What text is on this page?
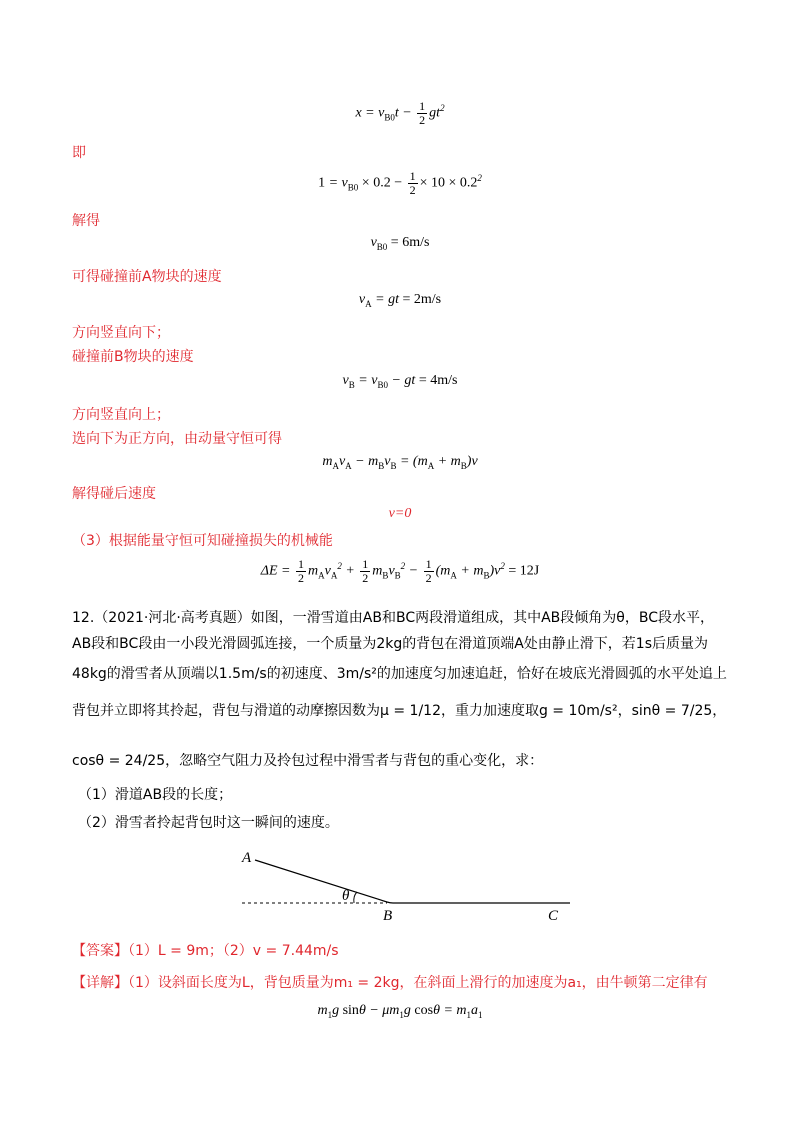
$x = v_{B0}t - \frac{1}{2} gt^2$
即
$1 = v_{B0} \times 0.2 - \frac{1}{2} \times 10 \times 0.2^2$
解得
$v_{B0} = 6m/s$
可得碰撞前A物块的速度
$v_A$ = gt = 2m/s
方向竖直向下；
碰撞前B物块的速度
$v_B = v_{B0}$ − gt = 4m/s
方向竖直向上；
选向下为正方向，由动量守恒可得
$m_Av_A - m_Bv_B = (m_A + m_B)v$
解得碰后速度
v=0
（3）根据能量守恒可知碰撞损失的机械能
$\Delta E = \frac{1}{2} m_Av_A^2 + \frac{1}{2} m_Bv_B^2 - \frac{1}{2} (m_A + m_B)v^2 = 12J$
12.（2021·河北·高考真题）如图，一滑雪道由AB和BC两段滑道组成，其中AB段倾角为θ，BC段水平，
AB段和BC段由一小段光滑圆弧连接，一个质量为2kg的背包在滑道顶端A处由静止滑下，若1s后质量为
48kg的滑雪者从顶端以1.5m/s的初速度、3m/s²的加速度匀加速追赶，恰好在坡底光滑圆弧的水平处追上
背包并立即将其拎起，背包与滑道的动摩擦因数为μ = 1/12，重力加速度取g = 10m/s²，sinθ = 7/25，
cosθ = 24/25，忽略空气阻力及拎包过程中滑雪者与背包的重心变化，求：
（1）滑道AB段的长度；
（2）滑雪者拎起背包时这一瞬间的速度。
A
θ
B	C
【答案】（1）L = 9m；（2）v = 7.44m/s
【详解】（1）设斜面长度为L，背包质量为m₁ = 2kg，在斜面上滑行的加速度为a₁，由牛顿第二定律有
$m_1g$ $\sin\theta - \mu m_1g$ $\cos\theta = m_1a_1$
